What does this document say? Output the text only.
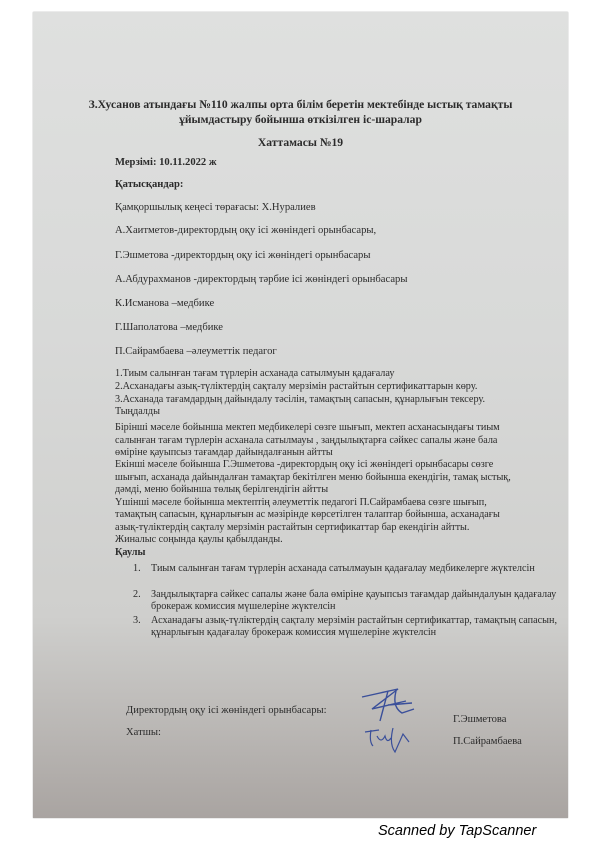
З.Хусанов атындағы №110 жалпы орта білім беретін мектебінде ыстық тамақты
ұйымдастыру бойынша өткізілген іс-шаралар
Хаттамасы №19
Мерзімі: 10.11.2022 ж
Қатысқандар:
Қамқоршылық кеңесі төрағасы: Х.Нуралиев
А.Хаитметов-директордың оқу ісі жөніндегі орынбасары,
Г.Эшметова -директордың оқу ісі жөніндегі орынбасары
А.Абдурахманов -директордың тәрбие ісі жөніндегі орынбасары
К.Исманова –медбике
Г.Шаполатова –медбике
П.Сайрамбаева –әлеуметтік педагог
1.Тиым салынған тағам түрлерін асханада сатылмуын қадағалау
2.Асханадағы азық-түліктердің сақталу мерзімін растайтын сертификаттарын көру.
3.Асханада тағамдардың дайындалу тәсілін, тамақтың сапасын, құнарлығын тексеру.
Тыңдалды
Бірінші мәселе бойынша мектеп медбикелері сөзге шығып, мектеп асханасындағы тиым
салынған тағам түрлерін асханала сатылмауы , заңдылықтарға сәйкес сапалы және бала
өміріне қауыпсыз тағамдар дайындалғанын айтты
Екінші мәселе бойынша Г.Эшметова -директордың оқу ісі жөніндегі орынбасары сөзге
шығып, асханада дайындалған тамақтар бекітілген меню бойынша екендігін, тамақ ыстық,
дәмді, меню бойынша төлық берілгендігін айтты
Үшінші мәселе бойынша мектептің әлеуметтік педагогі П.Сайрамбаева сөзге шығып,
тамақтың сапасын, құнарлығын ас мәзірінде көрсетілген талаптар бойынша, асханадағы
азық-түліктердің сақталу мерзімін растайтын сертификаттар бар екендігін айтты.
Жиналыс соңында қаулы қабылданды.
Қаулы
1. Тиым салынған тағам түрлерін асханада сатылмауын қадағалау медбикелерге жүктелсін
2. Заңдылықтарға сәйкес сапалы және бала өміріне қауыпсыз тағамдар дайындалуын қадағалау брокераж комиссия мүшелеріне жүктелсін
3. Асханадағы азық-түліктердің сақталу мерзімін растайтын сертификаттар, тамақтың сапасын, құнарлығын қадағалау брокераж комиссия мүшелеріне жүктелсін
Директордың оқу ісі жөніндегі орынбасары:
Г.Эшметова
Хатшы:
П.Сайрамбаева
Scanned by TapScanner
